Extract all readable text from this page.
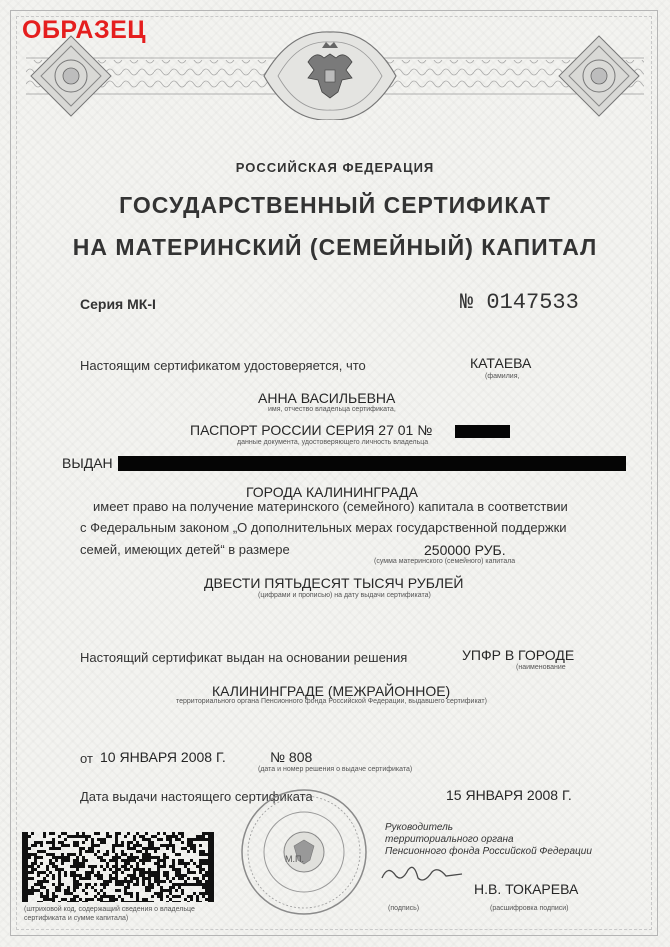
ОБРАЗЕЦ
РОССИЙСКАЯ ФЕДЕРАЦИЯ
ГОСУДАРСТВЕННЫЙ СЕРТИФИКАТ
НА МАТЕРИНСКИЙ (СЕМЕЙНЫЙ) КАПИТАЛ
Серия МК-I	№ 0147533
Настоящим сертификатом удостоверяется, что	КАТАЕВА
(фамилия,
АННА ВАСИЛЬЕВНА
имя, отчество владельца сертификата,
ПАСПОРТ РОССИИ СЕРИЯ 27 01 №
данные документа, удостоверяющего личность владельца
ВЫДАН
ГОРОДА КАЛИНИНГРАДА
имеет право на получение материнского (семейного) капитала в соответствии
с Федеральным законом „О дополнительных мерах государственной поддержки
семей, имеющих детей“ в размере	250000 РУБ.
(сумма материнского (семейного) капитала
ДВЕСТИ ПЯТЬДЕСЯТ ТЫСЯЧ РУБЛЕЙ
(цифрами и прописью) на дату выдачи сертификата)
Настоящий сертификат выдан на основании решения	УПФР В ГОРОДЕ
(наименование
КАЛИНИНГРАДЕ (МЕЖРАЙОННОЕ)
территориального органа Пенсионного фонда Российской Федерации, выдавшего сертификат)
от 10 ЯНВАРЯ 2008 Г.	№ 808
(дата и номер решения о выдаче сертификата)
Дата выдачи настоящего сертификата	15 ЯНВАРЯ 2008 Г.
М.П.
Руководитель
территориального органа
Пенсионного фонда Российской Федерации
Н.В. ТОКАРЕВА
(подпись)	(расшифровка подписи)
(штриховой код, содержащий сведения о владельце
сертификата и сумме капитала)
